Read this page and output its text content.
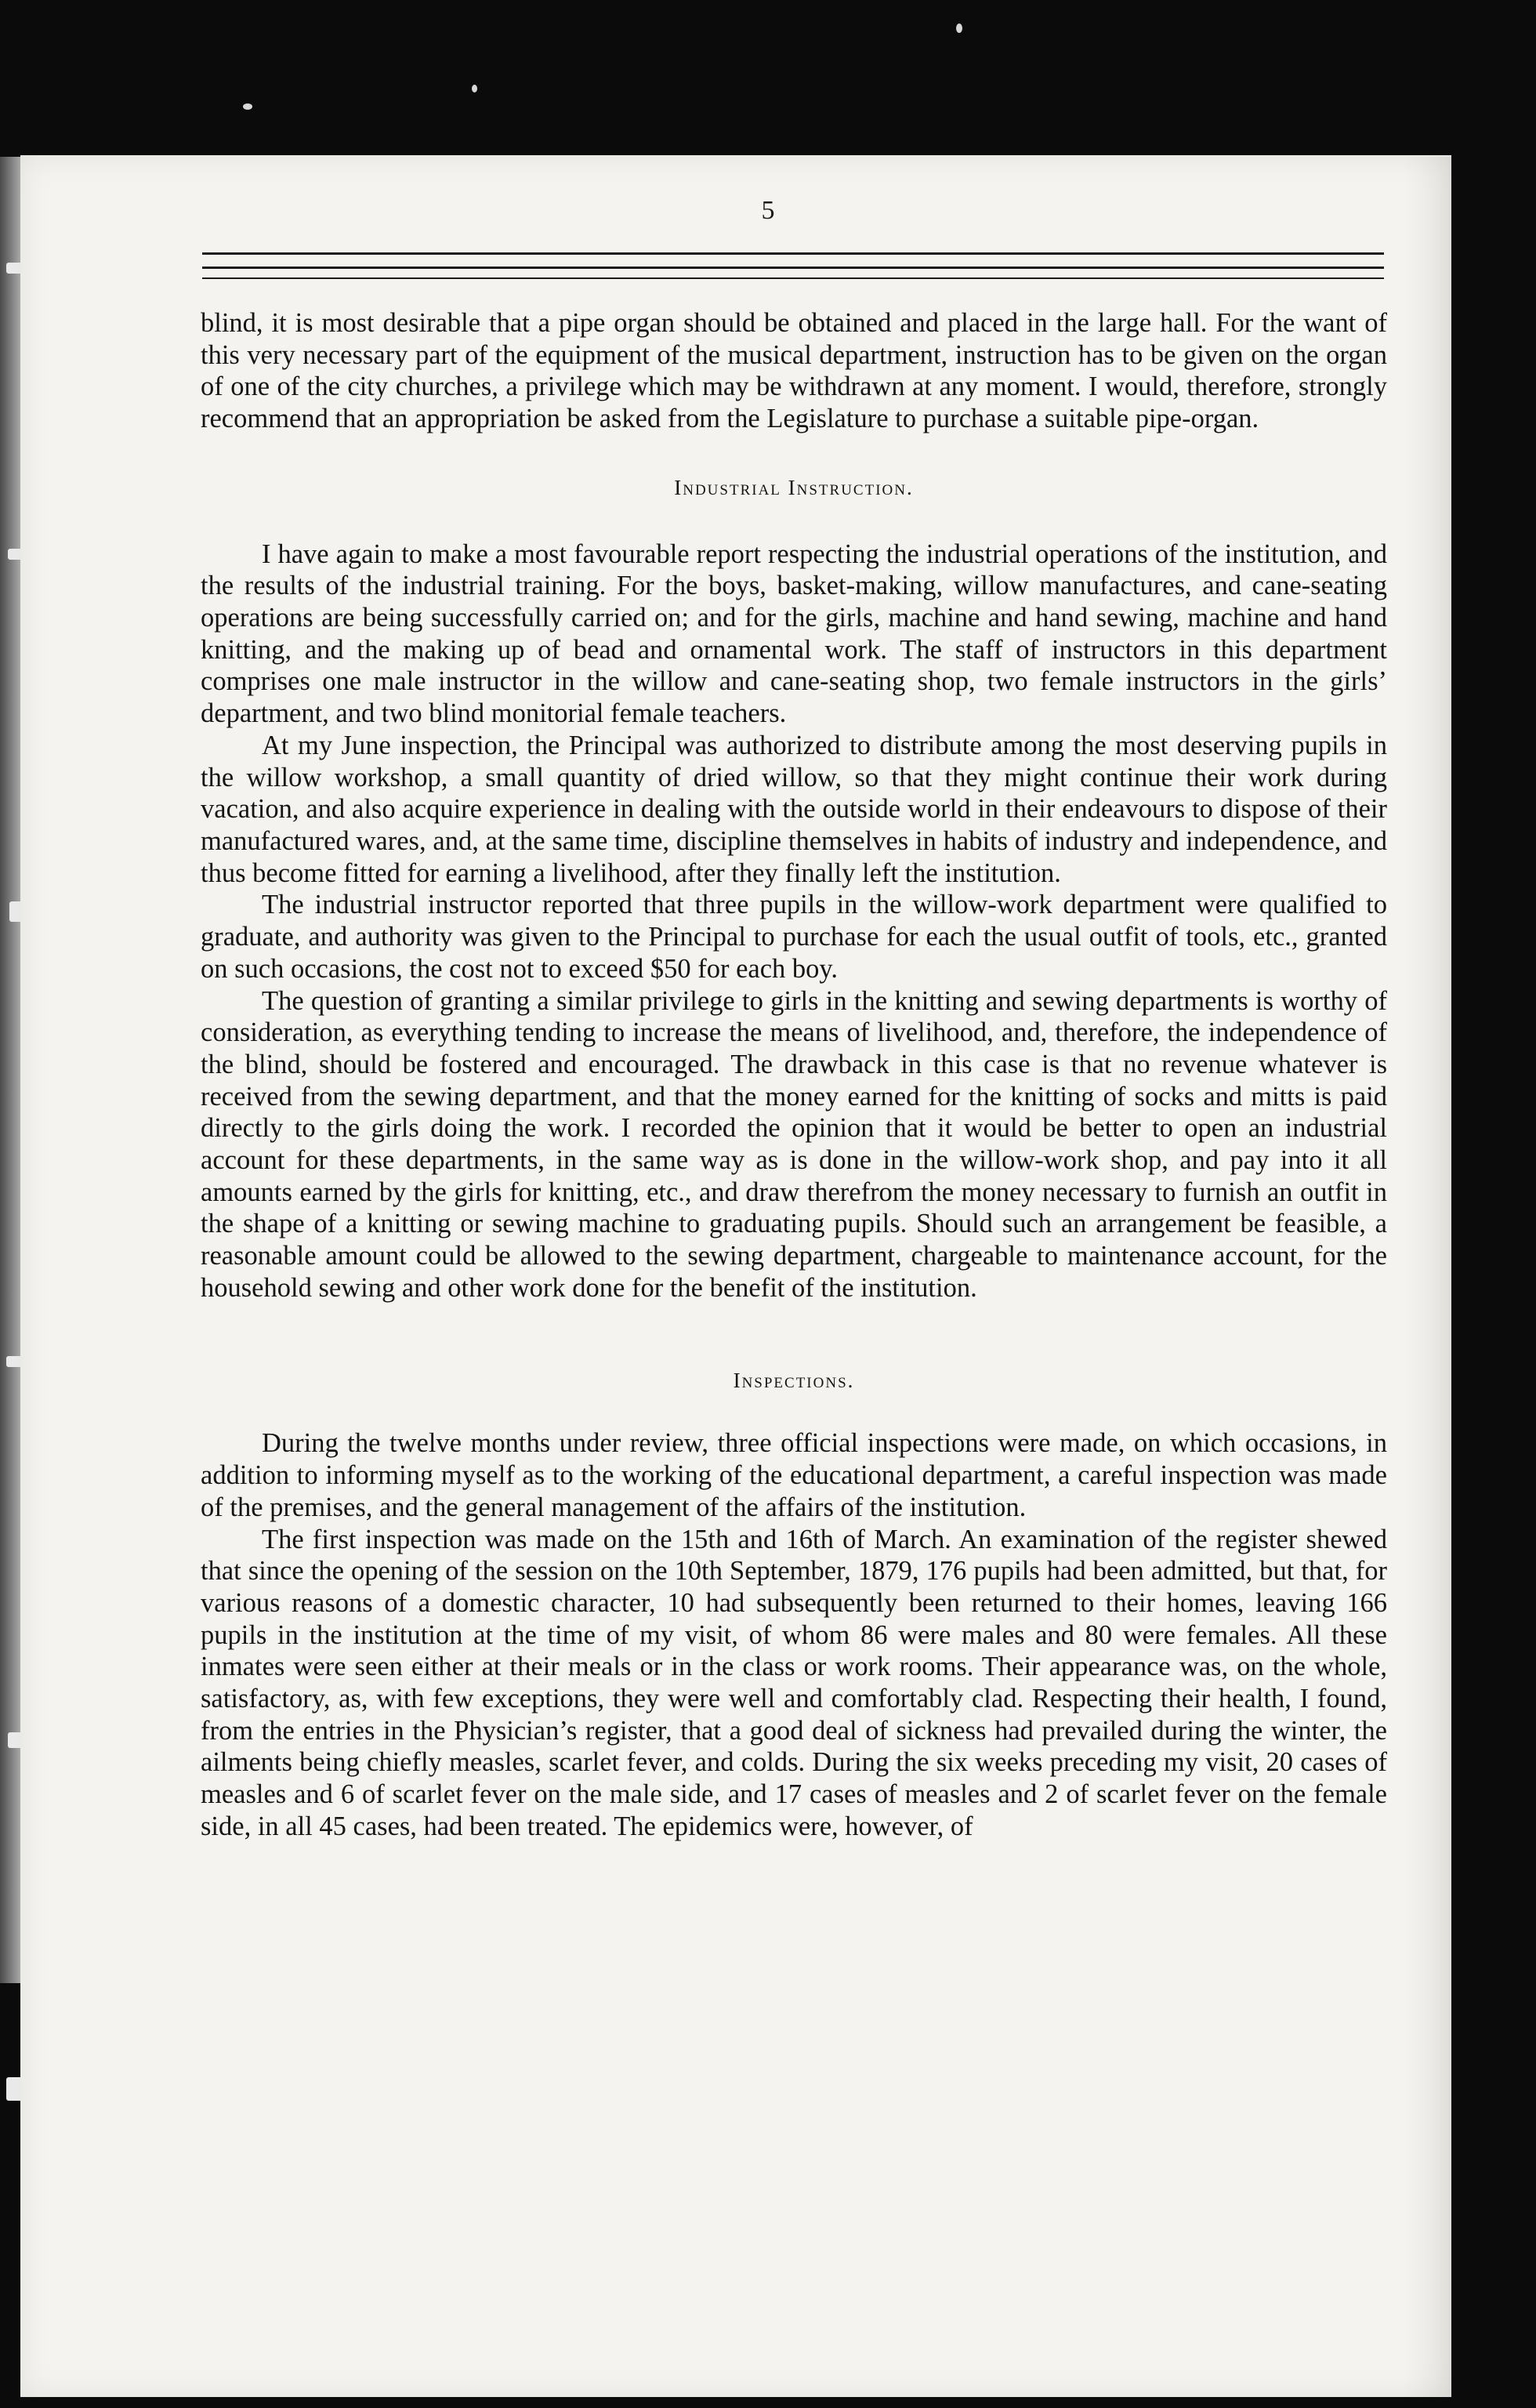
5

blind, it is most desirable that a pipe organ should be obtained and placed in the large hall. For the want of this very necessary part of the equipment of the musical department, instruction has to be given on the organ of one of the city churches, a privilege which may be withdrawn at any moment. I would, therefore, strongly recommend that an appropriation be asked from the Legislature to purchase a suitable pipe-organ.

Industrial Instruction.

I have again to make a most favourable report respecting the industrial operations of the institution, and the results of the industrial training. For the boys, basket-making, willow manufactures, and cane-seating operations are being successfully carried on; and for the girls, machine and hand sewing, machine and hand knitting, and the making up of bead and ornamental work. The staff of instructors in this department comprises one male instructor in the willow and cane-seating shop, two female instructors in the girls’ department, and two blind monitorial female teachers.

At my June inspection, the Principal was authorized to distribute among the most deserving pupils in the willow workshop, a small quantity of dried willow, so that they might continue their work during vacation, and also acquire experience in dealing with the outside world in their endeavours to dispose of their manufactured wares, and, at the same time, discipline themselves in habits of industry and independence, and thus become fitted for earning a livelihood, after they finally left the institution.

The industrial instructor reported that three pupils in the willow-work department were qualified to graduate, and authority was given to the Principal to purchase for each the usual outfit of tools, etc., granted on such occasions, the cost not to exceed $50 for each boy.

The question of granting a similar privilege to girls in the knitting and sewing departments is worthy of consideration, as everything tending to increase the means of livelihood, and, therefore, the independence of the blind, should be fostered and encouraged. The drawback in this case is that no revenue whatever is received from the sewing department, and that the money earned for the knitting of socks and mitts is paid directly to the girls doing the work. I recorded the opinion that it would be better to open an industrial account for these departments, in the same way as is done in the willow-work shop, and pay into it all amounts earned by the girls for knitting, etc., and draw therefrom the money necessary to furnish an outfit in the shape of a knitting or sewing machine to graduating pupils. Should such an arrangement be feasible, a reasonable amount could be allowed to the sewing department, chargeable to maintenance account, for the household sewing and other work done for the benefit of the institution.

Inspections.

During the twelve months under review, three official inspections were made, on which occasions, in addition to informing myself as to the working of the educational department, a careful inspection was made of the premises, and the general management of the affairs of the institution.

The first inspection was made on the 15th and 16th of March. An examination of the register shewed that since the opening of the session on the 10th September, 1879, 176 pupils had been admitted, but that, for various reasons of a domestic character, 10 had subsequently been returned to their homes, leaving 166 pupils in the institution at the time of my visit, of whom 86 were males and 80 were females. All these inmates were seen either at their meals or in the class or work rooms. Their appearance was, on the whole, satisfactory, as, with few exceptions, they were well and comfortably clad. Respecting their health, I found, from the entries in the Physician’s register, that a good deal of sickness had prevailed during the winter, the ailments being chiefly measles, scarlet fever, and colds. During the six weeks preceding my visit, 20 cases of measles and 6 of scarlet fever on the male side, and 17 cases of measles and 2 of scarlet fever on the female side, in all 45 cases, had been treated. The epidemics were, however, of
